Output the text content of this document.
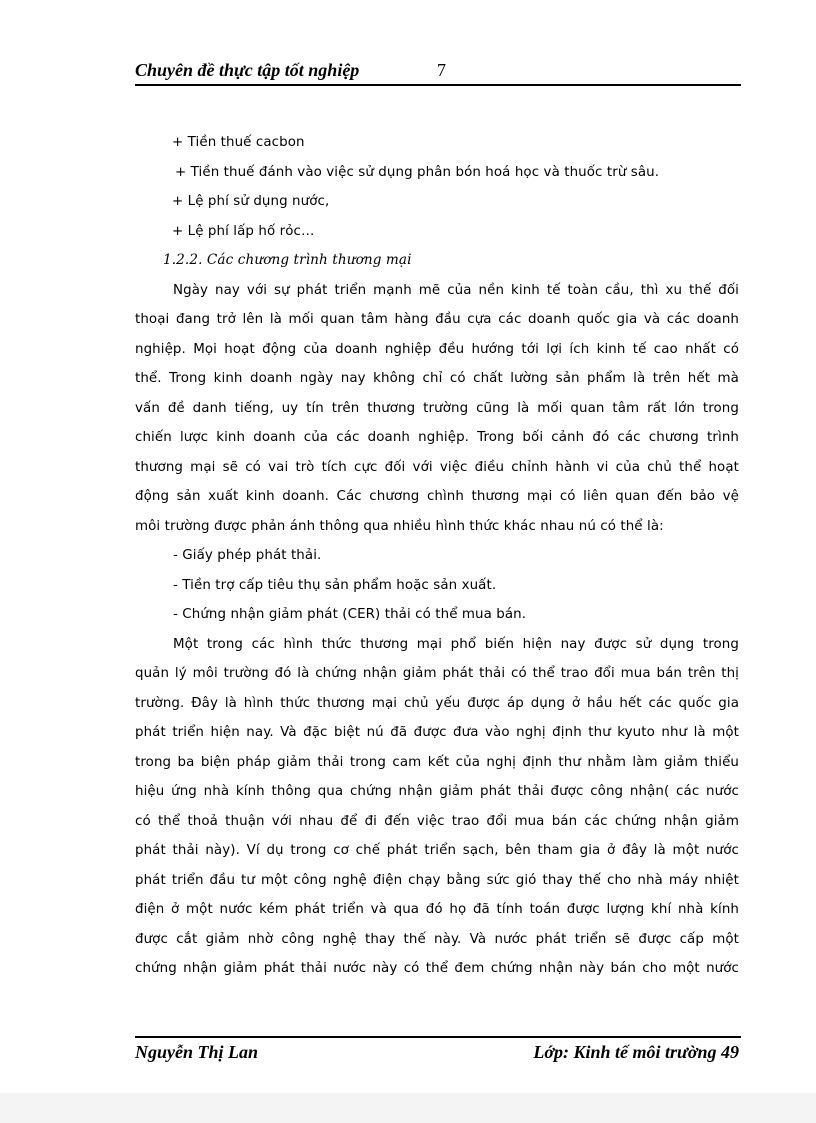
Chuyên đề thực tập tốt nghiệp	7
+ Tiền thuế cacbon
+ Tiền thuế đánh vào việc sử dụng phân bón hoá học và thuốc trừ sâu.
+ Lệ phí sử dụng nước,
+ Lệ phí lấp hố rỏc…
1.2.2. Các chương trình thương mại
Ngày nay với sự phát triển mạnh mẽ của nền kinh tế toàn cầu, thì xu thế đối
thoại đang trở lên là mối quan tâm hàng đầu cựa các doanh quốc gia và các doanh
nghiệp. Mọi hoạt động của doanh nghiệp đều hướng tới lợi ích kinh tế cao nhất có
thể. Trong kinh doanh ngày nay không chỉ có chất lường sản phẩm là trên hết mà
vấn đề danh tiếng, uy tín trên thương trường cũng là mối quan tâm rất lớn trong
chiến lược kinh doanh của các doanh nghiệp. Trong bối cảnh đó các chương trình
thương mại sẽ có vai trò tích cực đối với việc điều chỉnh hành vi của chủ thể hoạt
động sản xuất kinh doanh. Các chương chình thương mại có liên quan đến bảo vệ
môi trường được phản ánh thông qua nhiều hình thức khác nhau nú có thể là:
- Giấy phép phát thải.
- Tiền trợ cấp tiêu thụ sản phẩm hoặc sản xuất.
- Chứng nhận giảm phát (CER) thải có thể mua bán.
Một trong các hình thức thương mại phổ biến hiện nay được sử dụng trong
quản lý môi trường đó là chứng nhận giảm phát thải có thể trao đổi mua bán trên thị
trường. Đây là hình thức thương mại chủ yếu được áp dụng ở hầu hết các quốc gia
phát triển hiện nay. Và đặc biệt nú đã được đưa vào nghị định thư kyuto như là một
trong ba biện pháp giảm thải trong cam kết của nghị định thư nhằm làm giảm thiểu
hiệu ứng nhà kính thông qua chứng nhận giảm phát thải được công nhận( các nước
có thể thoả thuận với nhau để đi đến việc trao đổi mua bán các chứng nhận giảm
phát thải này). Ví dụ trong cơ chế phát triển sạch, bên tham gia ở đây là một nước
phát triển đầu tư một công nghệ điện chạy bằng sức gió thay thế cho nhà máy nhiệt
điện ở một nước kém phát triển và qua đó họ đã tính toán được lượng khí nhà kính
được cắt giảm nhờ công nghệ thay thế này. Và nước phát triển sẽ được cấp một
chứng nhận giảm phát thải nước này có thể đem chứng nhận này bán cho một nước
Nguyễn Thị Lan	Lớp: Kinh tế môi trường 49
